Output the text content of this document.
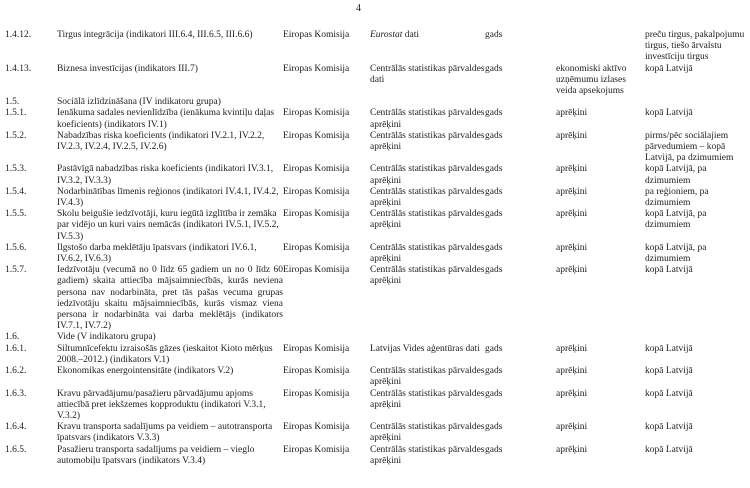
4
1.4.12.	Tirgus integrācija (indikatori III.6.4, III.6.5, III.6.6)	Eiropas Komisija	Eurostat dati	gads		preču tirgus, pakalpojumu tirgus, tiešo ārvalstu investīciju tirgus
1.4.13.	Biznesa investīcijas (indikators III.7)	Eiropas Komisija	Centrālās statistikas pārvaldes dati	gads	ekonomiski aktīvo uzņēmumu izlases veida apsekojums	kopā Latvijā
1.5.	Sociālā izlīdzināšana (IV indikatoru grupa)					
1.5.1.	Ienākuma sadales nevienlīdzība (ienākuma kvintiļu daļas koeficients) (indikators IV.1)	Eiropas Komisija	Centrālās statistikas pārvaldes aprēķini	gads	aprēķini	kopā Latvijā
1.5.2.	Nabadzības riska koeficients (indikatori IV.2.1, IV.2.2, IV.2.3, IV.2.4, IV.2.5, IV.2.6)	Eiropas Komisija	Centrālās statistikas pārvaldes aprēķini	gads	aprēķini	pirms/pēc sociālajiem pārvedumiem – kopā Latvijā, pa dzimumiem
1.5.3.	Pastāvīgā nabadzības riska koeficients (indikatori IV.3.1, IV.3.2, IV.3.3)	Eiropas Komisija	Centrālās statistikas pārvaldes aprēķini	gads	aprēķini	kopā Latvijā, pa dzimumiem
1.5.4.	Nodarbinātības līmenis reģionos (indikatori IV.4.1, IV.4.2, IV.4.3)	Eiropas Komisija	Centrālās statistikas pārvaldes aprēķini	gads	aprēķini	pa reģioniem, pa dzimumiem
1.5.5.	Skolu beigušie iedzīvotāji, kuru iegūtā izglītība ir zemāka par vidējo un kuri vairs nemācās (indikatori IV.5.1, IV.5.2, IV.5.3)	Eiropas Komisija	Centrālās statistikas pārvaldes aprēķini	gads	aprēķini	kopā Latvijā, pa dzimumiem
1.5.6.	Ilgstošo darba meklētāju īpatsvars (indikatori IV.6.1, IV.6.2, IV.6.3)	Eiropas Komisija	Centrālās statistikas pārvaldes aprēķini	gads	aprēķini	kopā Latvijā, pa dzimumiem
1.5.7.	Iedzīvotāju (vecumā no 0 līdz 65 gadiem un no 0 līdz 60 gadiem) skaita attiecība mājsaimniecībās, kurās neviena persona nav nodarbināta, pret tās pašas vecuma grupas iedzīvotāju skaitu mājsaimniecībās, kurās vismaz viena persona ir nodarbināta vai darba meklētājs (indikators IV.7.1, IV.7.2)	Eiropas Komisija	Centrālās statistikas pārvaldes aprēķini	gads	aprēķini	kopā Latvijā
1.6.	Vide (V indikatoru grupa)					
1.6.1.	Siltumnīcefektu izraisošās gāzes (ieskaitot Kioto mērķus 2008.–2012.) (indikators V.1)	Eiropas Komisija	Latvijas Vides aģentūras dati	gads	aprēķini	kopā Latvijā
1.6.2.	Ekonomikas energointensitāte (indikators V.2)	Eiropas Komisija	Centrālās statistikas pārvaldes aprēķini	gads	aprēķini	kopā Latvijā
1.6.3.	Kravu pārvadājumu/pasažieru pārvadājumu apjoms attiecībā pret iekšzemes kopproduktu (indikatori V.3.1, V.3.2)	Eiropas Komisija	Centrālās statistikas pārvaldes aprēķini	gads	aprēķini	kopā Latvijā
1.6.4.	Kravu transporta sadalījums pa veidiem – autotransporta īpatsvars (indikators V.3.3)	Eiropas Komisija	Centrālās statistikas pārvaldes aprēķini	gads	aprēķini	kopā Latvijā
1.6.5.	Pasažieru transporta sadalījums pa veidiem – vieglo automobiļu īpatsvars (indikators V.3.4)	Eiropas Komisija	Centrālās statistikas pārvaldes aprēķini	gads	aprēķini	kopā Latvijā
